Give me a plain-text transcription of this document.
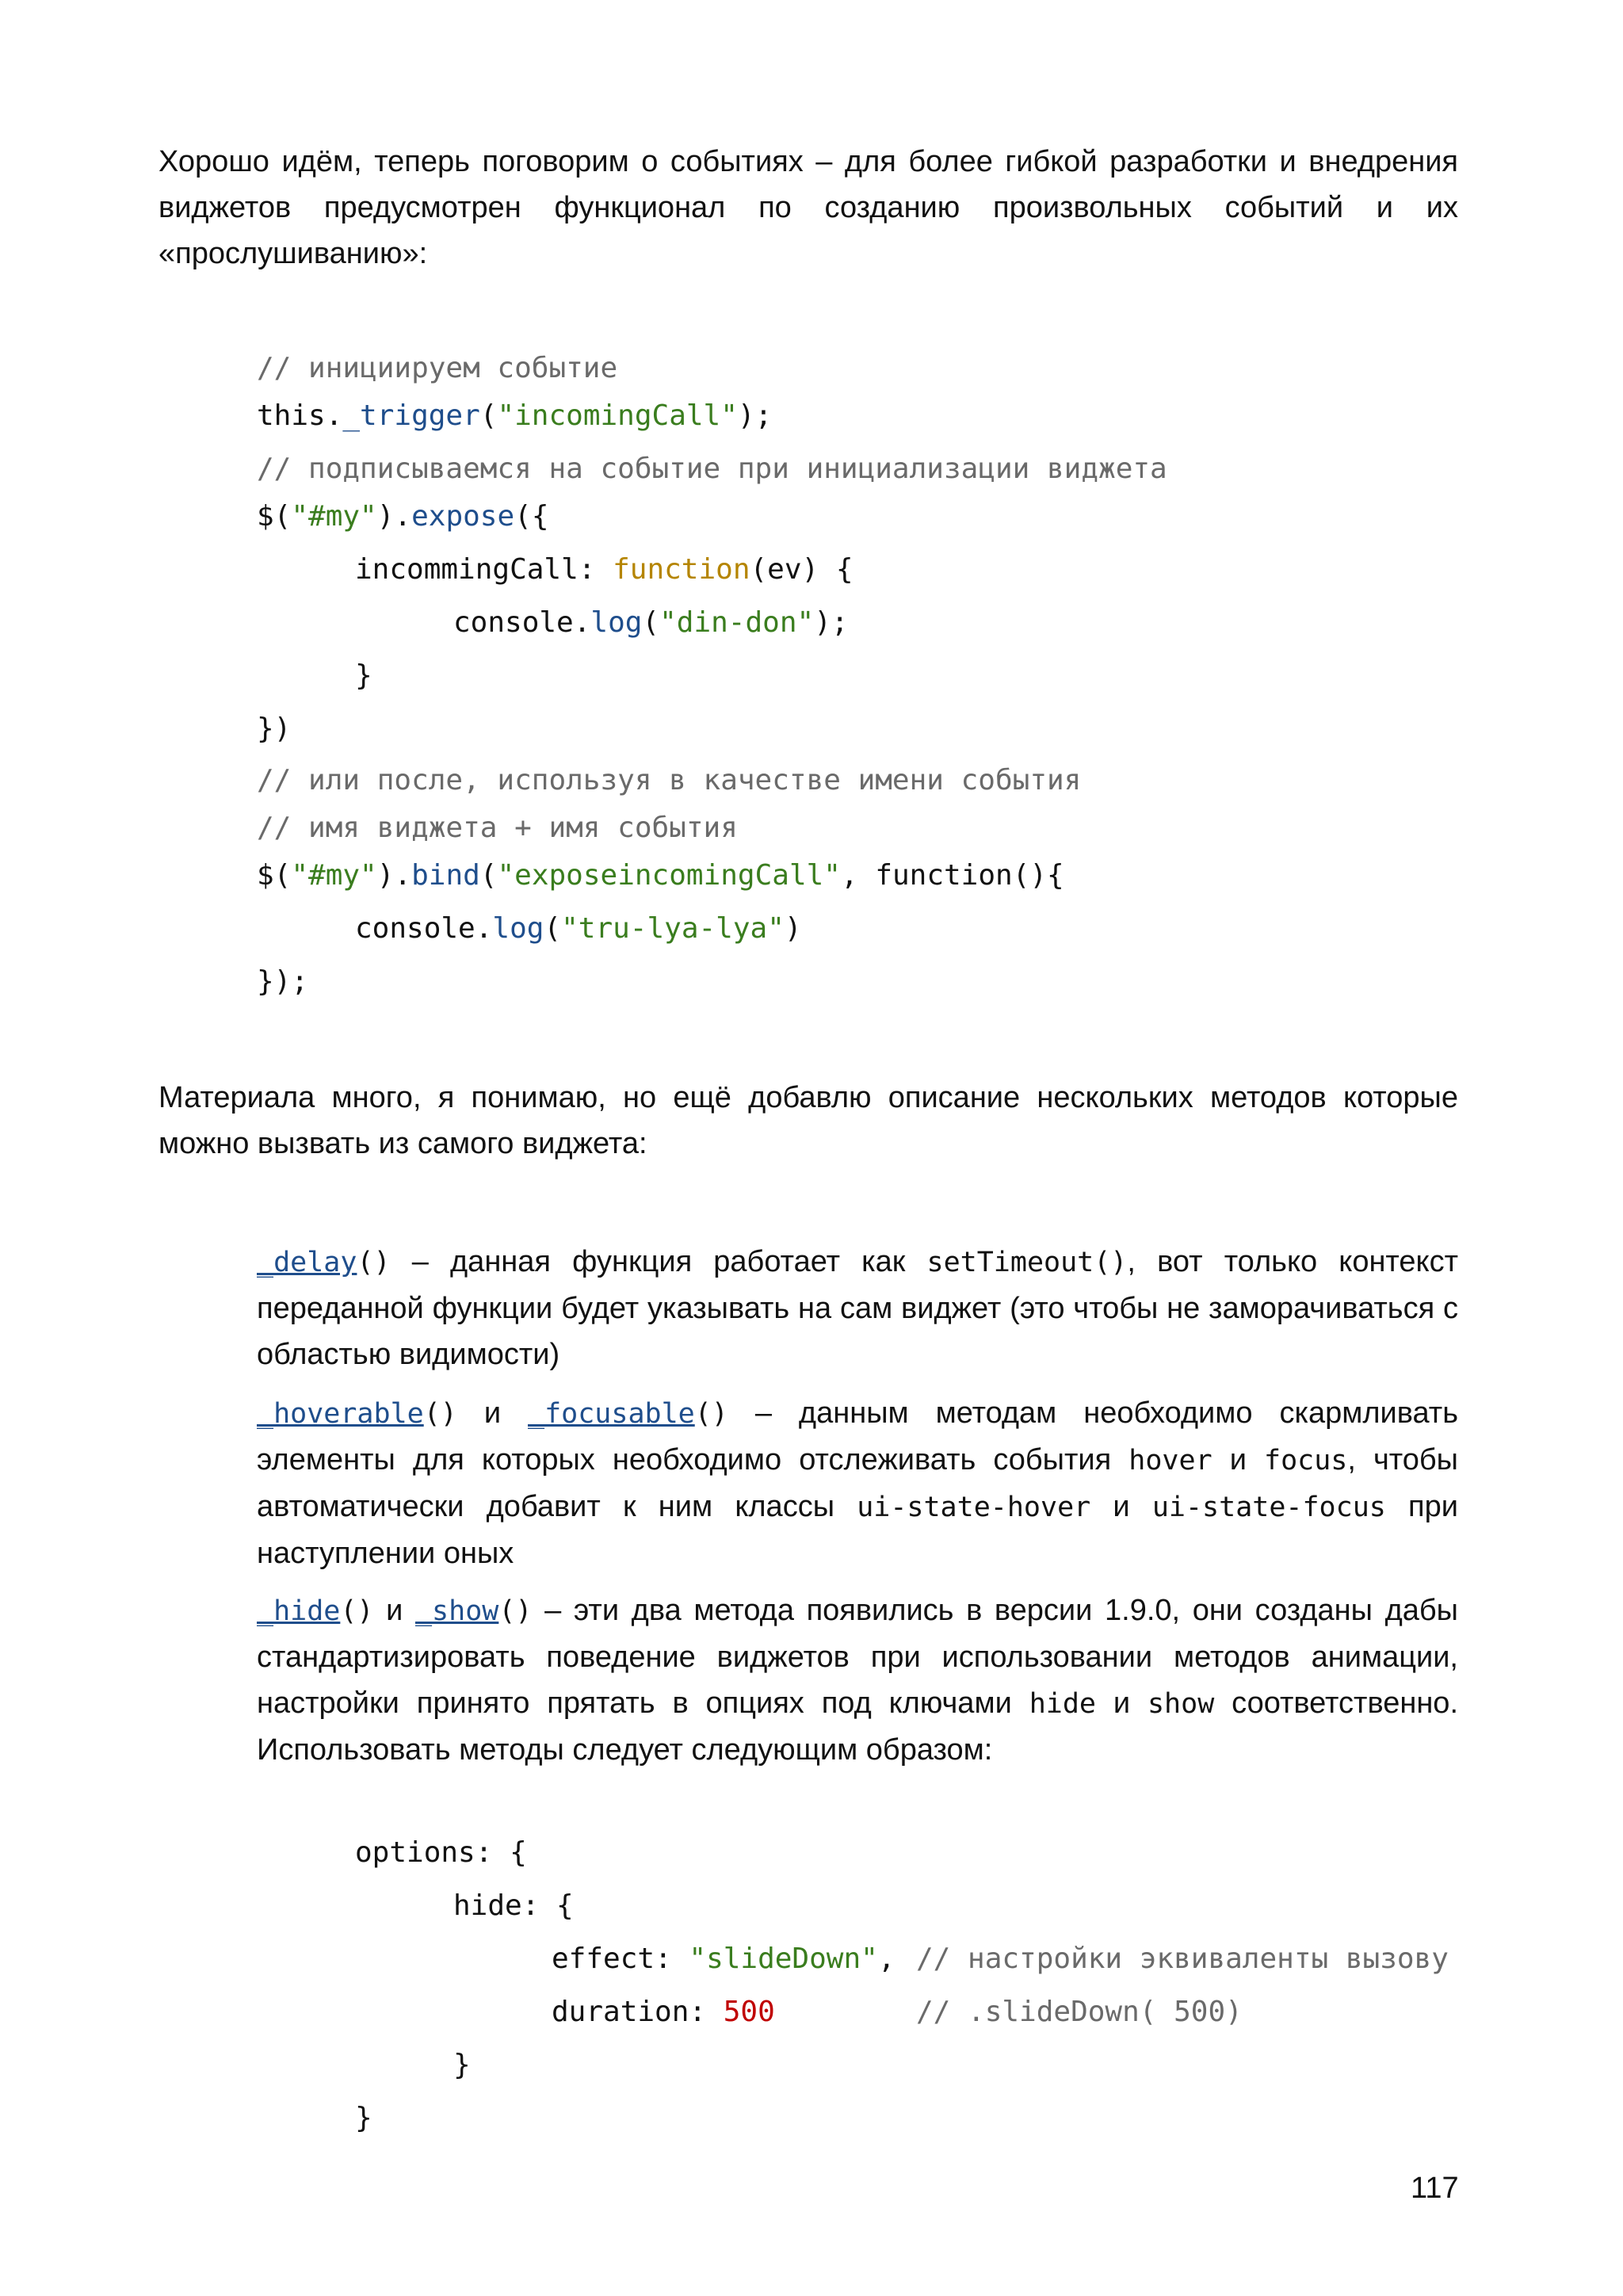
Хорошо идём, теперь поговорим о событиях – для более гибкой разработки и внедрения виджетов предусмотрен функционал по созданию произвольных событий и их «прослушиванию»:

// инициируем событие
this._trigger("incomingCall");
// подписываемся на событие при инициализации виджета
$("#my").expose({
incommingCall: function(ev) {
console.log("din-don");
}
})
// или после, используя в качестве имени события
// имя виджета + имя события
$("#my").bind("exposeincomingCall", function(){
console.log("tru-lya-lya")
});

Материала много, я понимаю, но ещё добавлю описание нескольких методов которые можно вызвать из самого виджета:

_delay() – данная функция работает как setTimeout(), вот только контекст переданной функции будет указывать на сам виджет (это чтобы не заморачиваться с областью видимости)

_hoverable() и _focusable() – данным методам необходимо скармливать элементы для которых необходимо отслеживать события hover и focus, чтобы автоматически добавит к ним классы ui-state-hover и ui-state-focus при наступлении оных

_hide() и _show() – эти два метода появились в версии 1.9.0, они созданы дабы стандартизировать поведение виджетов при использовании методов анимации, настройки принято прятать в опциях под ключами hide и show соответственно. Использовать методы следует следующим образом:

options: {
hide: {
effect: "slideDown", // настройки эквиваленты вызову
duration: 500	// .slideDown( 500)
}
}
117
